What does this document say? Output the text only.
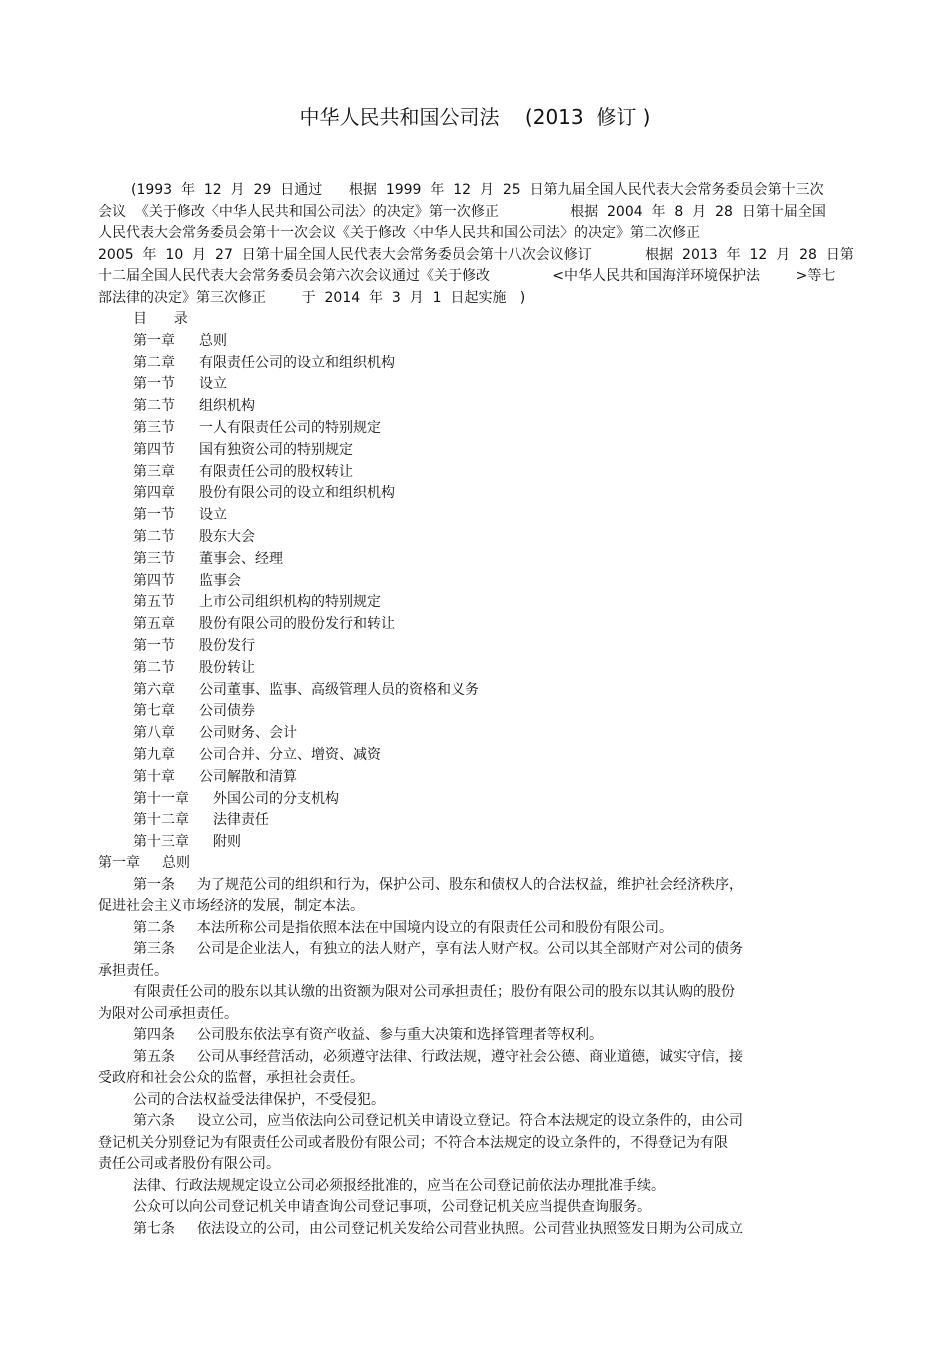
中华人民共和国公司法    (2013  修订 )
(1993  年  12  月  29  日通过      根据  1999  年  12  月  25  日第九届全国人民代表大会常务委员会第十三次
会议  《关于修改〈中华人民共和国公司法〉的决定》第一次修正                根据  2004  年  8  月  28  日第十届全国
人民代表大会常务委员会第十一次会议《关于修改〈中华人民共和国公司法〉的决定》第二次修正
2005  年  10  月  27  日第十届全国人民代表大会常务委员会第十八次会议修订            根据  2013  年  12  月  28  日第
十二届全国人民代表大会常务委员会第六次会议通过《关于修改              <中华人民共和国海洋环境保护法        >等七
部法律的决定》第三次修正        于  2014  年  3  月  1  日起实施   )
目      录
第一章 总则
第二章 有限责任公司的设立和组织机构
第一节 设立
第二节 组织机构
第三节 一人有限责任公司的特别规定
第四节 国有独资公司的特别规定
第三章 有限责任公司的股权转让
第四章 股份有限公司的设立和组织机构
第一节 设立
第二节 股东大会
第三节 董事会、经理
第四节 监事会
第五节 上市公司组织机构的特别规定
第五章 股份有限公司的股份发行和转让
第一节 股份发行
第二节 股份转让
第六章 公司董事、监事、高级管理人员的资格和义务
第七章 公司债券
第八章 公司财务、会计
第九章 公司合并、分立、增资、减资
第十章 公司解散和清算
第十一章 外国公司的分支机构
第十二章 法律责任
第十三章 附则
第一章 总则
第一条 为了规范公司的组织和行为，保护公司、股东和债权人的合法权益，维护社会经济秩序，
促进社会主义市场经济的发展，制定本法。
第二条 本法所称公司是指依照本法在中国境内设立的有限责任公司和股份有限公司。
第三条 公司是企业法人，有独立的法人财产，享有法人财产权。公司以其全部财产对公司的债务
承担责任。
有限责任公司的股东以其认缴的出资额为限对公司承担责任；股份有限公司的股东以其认购的股份
为限对公司承担责任。
第四条 公司股东依法享有资产收益、参与重大决策和选择管理者等权利。
第五条 公司从事经营活动，必须遵守法律、行政法规，遵守社会公德、商业道德，诚实守信，接
受政府和社会公众的监督，承担社会责任。
公司的合法权益受法律保护，不受侵犯。
第六条 设立公司，应当依法向公司登记机关申请设立登记。符合本法规定的设立条件的，由公司
登记机关分别登记为有限责任公司或者股份有限公司；不符合本法规定的设立条件的，不得登记为有限
责任公司或者股份有限公司。
法律、行政法规规定设立公司必须报经批准的，应当在公司登记前依法办理批准手续。
公众可以向公司登记机关申请查询公司登记事项，公司登记机关应当提供查询服务。
第七条 依法设立的公司，由公司登记机关发给公司营业执照。公司营业执照签发日期为公司成立
